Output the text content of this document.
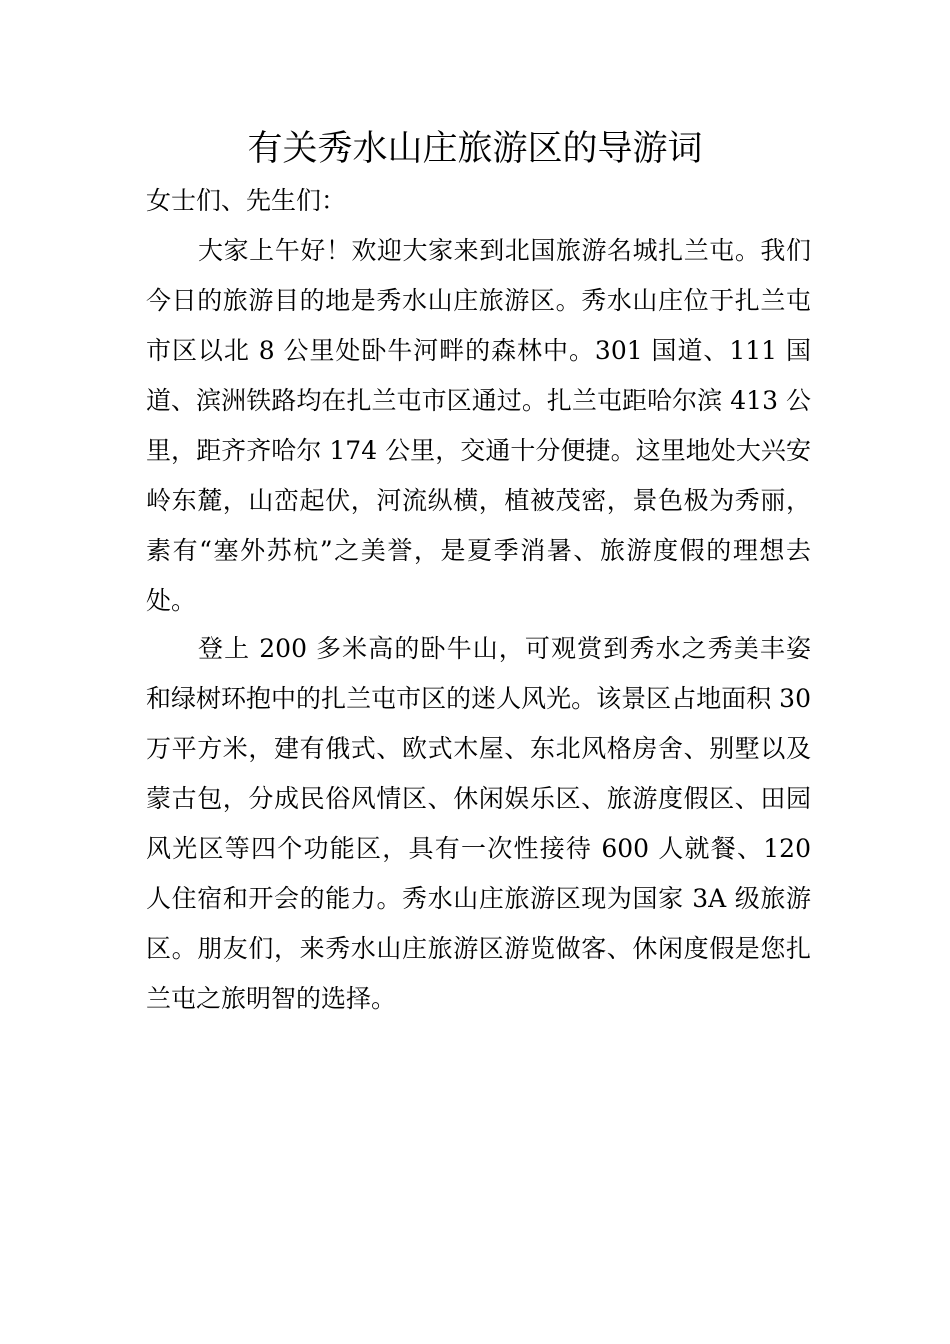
有关秀水山庄旅游区的导游词

女士们、先生们：

大家上午好！欢迎大家来到北国旅游名城扎兰屯。我们今日的旅游目的地是秀水山庄旅游区。秀水山庄位于扎兰屯市区以北 8 公里处卧牛河畔的森林中。301 国道、111 国道、滨洲铁路均在扎兰屯市区通过。扎兰屯距哈尔滨 413 公里，距齐齐哈尔 174 公里，交通十分便捷。这里地处大兴安岭东麓，山峦起伏，河流纵横，植被茂密，景色极为秀丽，素有“塞外苏杭”之美誉，是夏季消暑、旅游度假的理想去处。

登上 200 多米高的卧牛山，可观赏到秀水之秀美丰姿和绿树环抱中的扎兰屯市区的迷人风光。该景区占地面积 30 万平方米，建有俄式、欧式木屋、东北风格房舍、别墅以及蒙古包，分成民俗风情区、休闲娱乐区、旅游度假区、田园风光区等四个功能区，具有一次性接待 600 人就餐、120 人住宿和开会的能力。秀水山庄旅游区现为国家 3A 级旅游区。朋友们，来秀水山庄旅游区游览做客、休闲度假是您扎兰屯之旅明智的选择。
